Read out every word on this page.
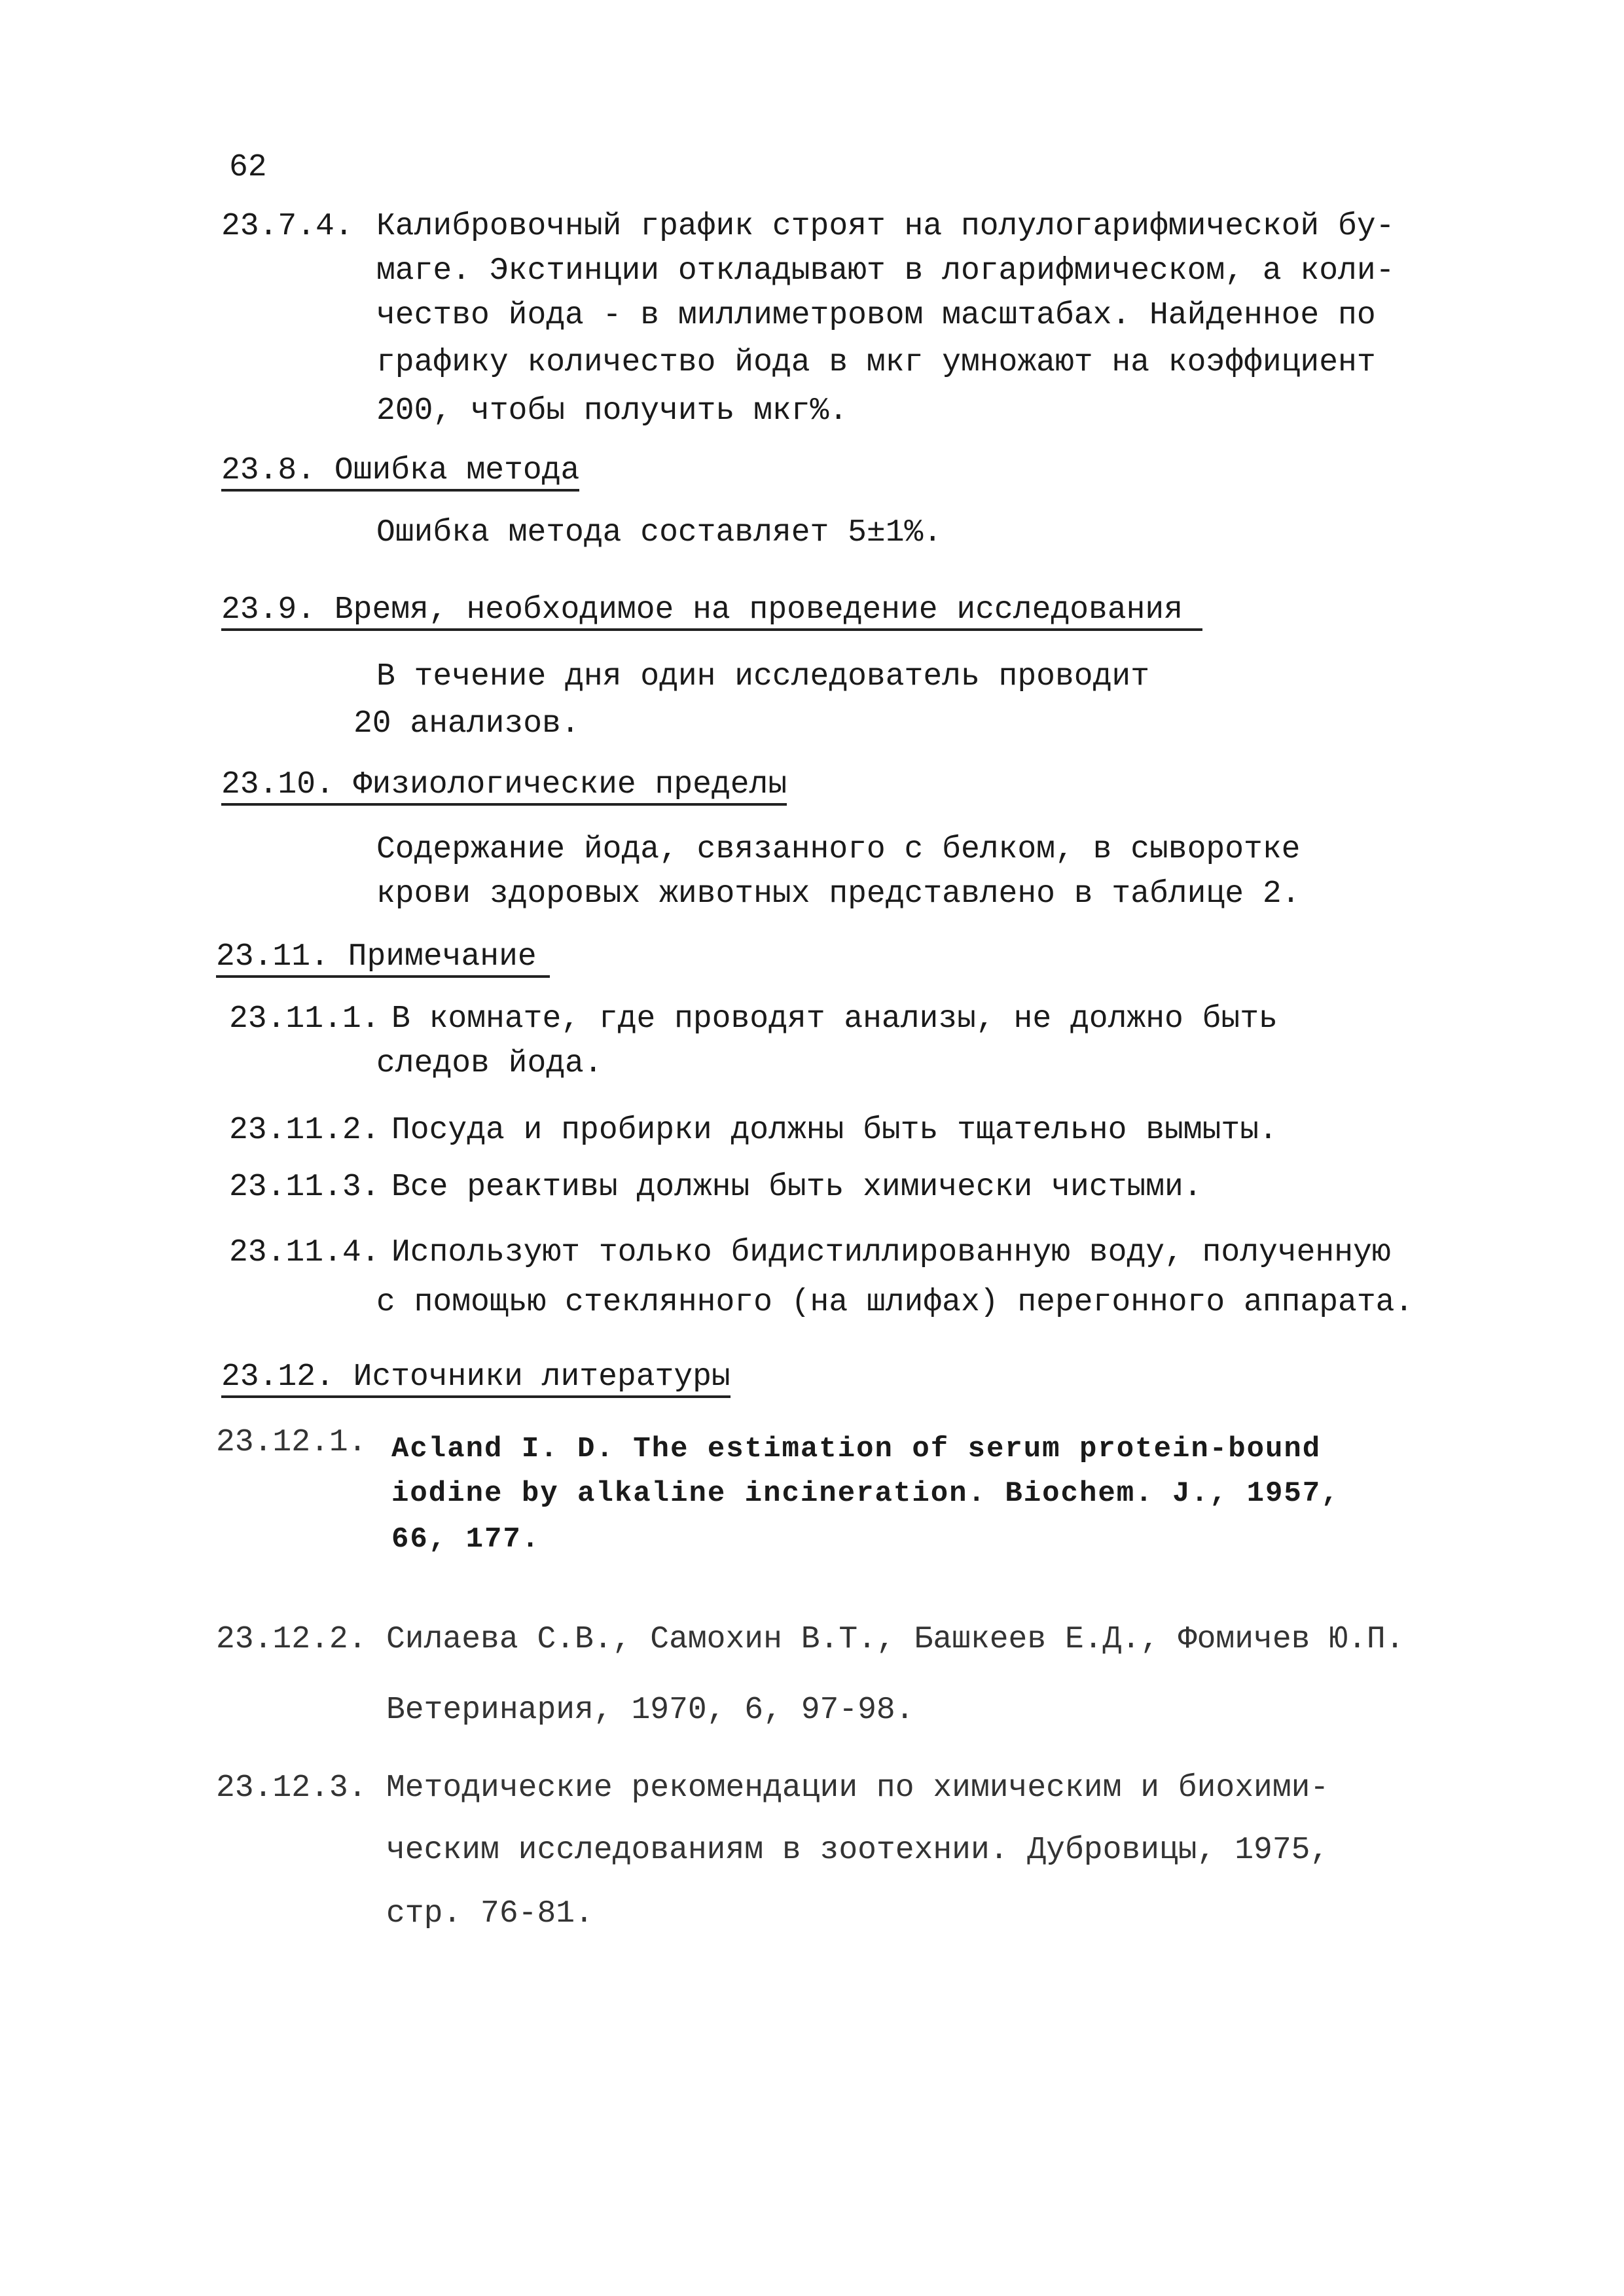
62
23.7.4. Калибровочный график строят на полулогарифмической бу-
маге. Экстинции откладывают в логарифмическом, а коли-
чество йода - в миллиметровом масштабах. Найденное по
графику количество йода в мкг умножают на коэффициент
200, чтобы получить мкг%.
23.8. Ошибка метода
Ошибка метода составляет 5±1%.
23.9. Время, необходимое на проведение исследования
В течение дня один исследователь проводит
20 анализов.
23.10. Физиологические пределы
Содержание йода, связанного с белком, в сыворотке
крови здоровых животных представлено в таблице 2.
23.11. Примечание
23.11.1. В комнате, где проводят анализы, не должно быть
следов йода.
23.11.2. Посуда и пробирки должны быть тщательно вымыты.
23.11.3. Все реактивы должны быть химически чистыми.
23.11.4. Используют только бидистиллированную воду, полученную
с помощью стеклянного (на шлифах) перегонного аппарата.
23.12. Источники литературы
23.12.1. Acland I. D. The estimation of serum protein-bound
iodine by alkaline incineration. Biochem. J., 1957,
66, 177.
23.12.2. Силаева С.В., Самохин В.Т., Башкеев Е.Д., Фомичев Ю.П.
Ветеринария, 1970, 6, 97-98.
23.12.3. Методические рекомендации по химическим и биохими-
ческим исследованиям в зоотехнии. Дубровицы, 1975,
стр. 76-81.
